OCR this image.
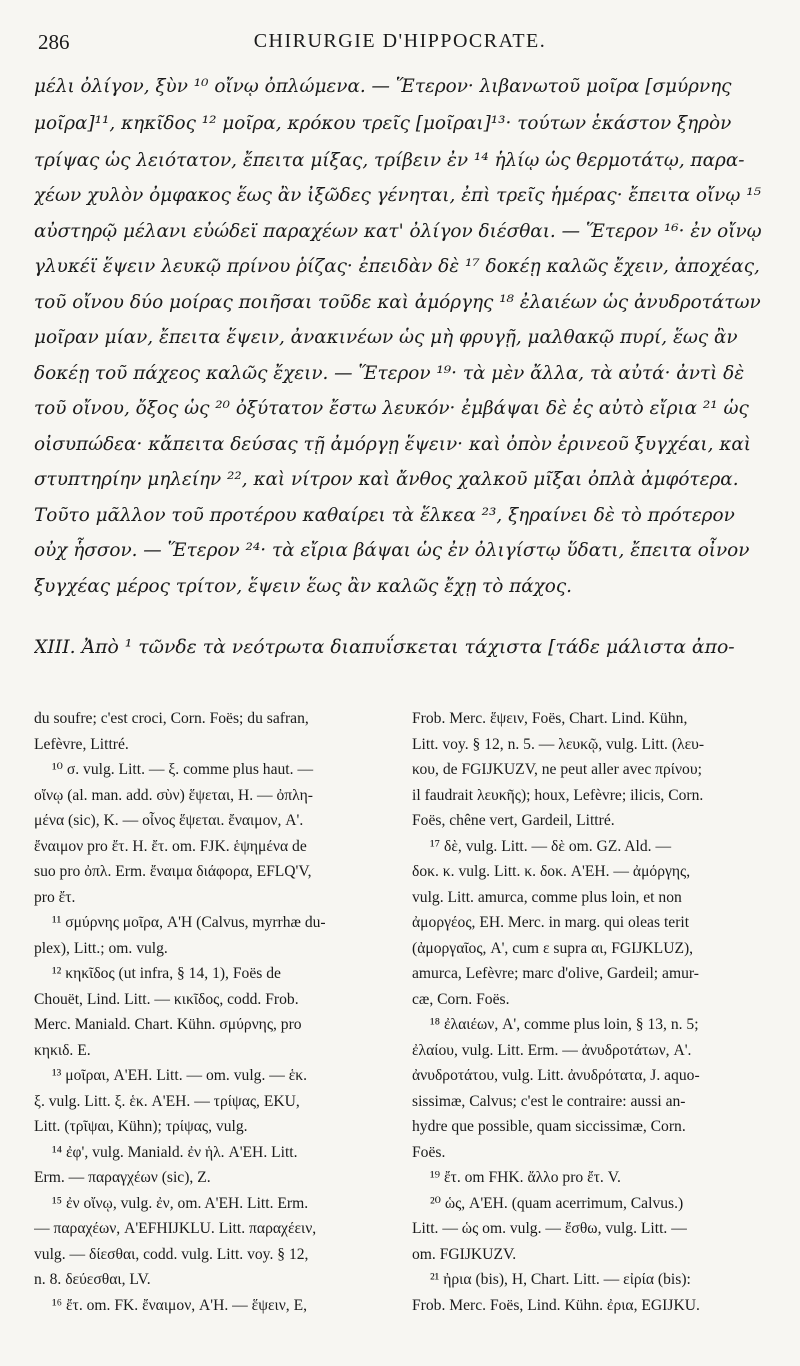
286	CHIRURGIE D'HIPPOCRATE.
μέλι ὀλίγον, ξὺν ¹⁰ οἴνῳ ὀπλώμενα. — Ἕτερον· λιβανωτοῦ μοῖρα [σμύρνης
μοῖρα]¹¹, κηκῖδος ¹² μοῖρα, κρόκου τρεῖς [μοῖραι]¹³· τούτων ἑκάστον ξηρὸν
τρίψας ὡς λειότατον, ἔπειτα μίξας, τρίβειν ἐν ¹⁴ ἡλίῳ ὡς θερμοτάτῳ, παρα-
χέων χυλὸν ὀμφακος ἕως ἂν ἰξῶδες γένηται, ἐπὶ τρεῖς ἡμέρας· ἔπειτα οἴνῳ ¹⁵
αὐστηρῷ μέλανι εὐώδεϊ παραχέων κατ' ὀλίγον διέσθαι. — Ἕτερον ¹⁶· ἐν οἴνῳ
γλυκέϊ ἕψειν λευκῷ πρίνου ῥίζας· ἐπειδὰν δὲ ¹⁷ δοκέῃ καλῶς ἔχειν, ἀποχέας,
τοῦ οἴνου δύο μοίρας ποιῆσαι τοῦδε καὶ ἀμόργης ¹⁸ ἐλαιέων ὡς ἀνυδροτάτων
μοῖραν μίαν, ἔπειτα ἕψειν, ἀνακινέων ὡς μὴ φρυγῇ, μαλθακῷ πυρί, ἕως ἂν
δοκέῃ τοῦ πάχεος καλῶς ἔχειν. — Ἕτερον ¹⁹· τὰ μὲν ἄλλα, τὰ αὐτά· ἀντὶ δὲ
τοῦ οἴνου, ὄξος ὡς ²⁰ ὀξύτατον ἔστω λευκόν· ἐμβάψαι δὲ ἐς αὐτὸ εἴρια ²¹ ὡς
οἰσυπώδεα· κἄπειτα δεύσας τῇ ἀμόργῃ ἕψειν· καὶ ὀπὸν ἐρινεοῦ ξυγχέαι, καὶ
στυπτηρίην μηλείην ²², καὶ νίτρον καὶ ἄνθος χαλκοῦ μῖξαι ὀπλὰ ἀμφότερα.
Τοῦτο μᾶλλον τοῦ προτέρου καθαίρει τὰ ἕλκεα ²³, ξηραίνει δὲ τὸ πρότερον
οὐχ ἧσσον. — Ἕτερον ²⁴· τὰ εἴρια βάψαι ὡς ἐν ὀλιγίστῳ ὕδατι, ἔπειτα οἶνον
ξυγχέας μέρος τρίτον, ἕψειν ἕως ἂν καλῶς ἔχῃ τὸ πάχος.
XIII. Ἀπὸ ¹ τῶνδε τὰ νεότρωτα διαπυΐσκεται τάχιστα [τάδε μάλιστα ἀπο-
du soufre; c'est croci, Corn. Foës; du safran,
Lefèvre, Littré.
¹⁰ σ. vulg. Litt. — ξ. comme plus haut. —
οἴνῳ (al. man. add. σὺν) ἕψεται, H. — ὀπλη-
μένα (sic), K. — οἶνος ἕψεται. ἔναιμον, A'.
ἔναιμον pro ἔτ. H. ἔτ. om. FJK. ἑψημένα de
suo pro ὀπλ. Erm. ἔναιμα διάφορα, EFLQ'V,
pro ἔτ.
¹¹ σμύρνης μοῖρα, A'H (Calvus, myrrhæ du-
plex), Litt.; om. vulg.
¹² κηκῖδος (ut infra, § 14, 1), Foës de
Chouët, Lind. Litt. — κικῖδος, codd. Frob.
Merc. Maniald. Chart. Kühn. σμύρνης, pro
κηκιδ. E.
¹³ μοῖραι, A'EH. Litt. — om. vulg. — ἑκ.
ξ. vulg. Litt. ξ. ἑκ. A'EH. — τρίψας, EKU,
Litt. (τρῖψαι, Kühn); τρίψας, vulg.
¹⁴ ἐφ', vulg. Maniald. ἐν ἡλ. A'EH. Litt.
Erm. — παραγχέων (sic), Z.
¹⁵ ἐν οἴνῳ, vulg. ἐν, om. A'EH. Litt. Erm.
— παραχέων, A'EFHIJKLU. Litt. παραχέειν,
vulg. — δίεσθαι, codd. vulg. Litt. voy. § 12,
n. 8. δεύεσθαι, LV.
¹⁶ ἔτ. om. FK. ἔναιμον, A'H. — ἕψειν, E,
Frob. Merc. ἕψειν, Foës, Chart. Lind. Kühn,
Litt. voy. § 12, n. 5. — λευκῷ, vulg. Litt. (λευ-
κου, de FGIJKUZV, ne peut aller avec πρίνου;
il faudrait λευκῆς); houx, Lefèvre; ilicis, Corn.
Foës, chêne vert, Gardeil, Littré.
¹⁷ δὲ, vulg. Litt. — δὲ om. GZ. Ald. —
δοκ. κ. vulg. Litt. κ. δοκ. A'EH. — ἀμόργης,
vulg. Litt. amurca, comme plus loin, et non
ἀμοργέος, EH. Merc. in marg. qui oleas terit
(ἀμοργαῖος, A', cum ε supra αι, FGIJKLUZ),
amurca, Lefèvre; marc d'olive, Gardeil; amur-
cæ, Corn. Foës.
¹⁸ ἐλαιέων, A', comme plus loin, § 13, n. 5;
ἐλαίου, vulg. Litt. Erm. — ἀνυδροτάτων, A'.
ἀνυδροτάτου, vulg. Litt. ἀνυδρότατα, J. aquo-
sissimæ, Calvus; c'est le contraire: aussi an-
hydre que possible, quam siccissimæ, Corn.
Foës.
¹⁹ ἔτ. om FHK. ἄλλο pro ἔτ. V.
²⁰ ὡς, A'EH. (quam acerrimum, Calvus.)
Litt. — ὡς om. vulg. — ἔσθω, vulg. Litt. —
om. FGIJKUZV.
²¹ ἠρια (bis), H, Chart. Litt. — εἰρία (bis):
Frob. Merc. Foës, Lind. Kühn. ἐρια, EGIJKU.
